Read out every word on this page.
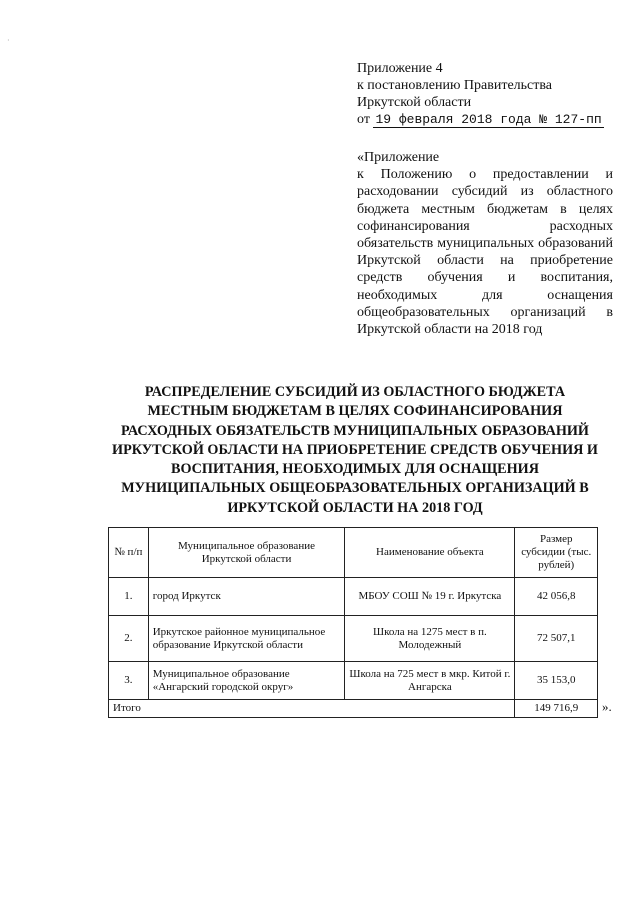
·
Приложение 4
к постановлению Правительства
Иркутской области
от 19 февраля 2018 года № 127-пп

«Приложение

к Положению о предоставлении и расходовании субсидий из областного бюджета местным бюджетам в целях софинансирования расходных обязательств муниципальных образований Иркутской области на приобретение средств обучения и воспитания, необходимых для оснащения общеобразовательных организаций в Иркутской области на 2018 год

РАСПРЕДЕЛЕНИЕ СУБСИДИЙ ИЗ ОБЛАСТНОГО БЮДЖЕТА МЕСТНЫМ БЮДЖЕТАМ В ЦЕЛЯХ СОФИНАНСИРОВАНИЯ РАСХОДНЫХ ОБЯЗАТЕЛЬСТВ МУНИЦИПАЛЬНЫХ ОБРАЗОВАНИЙ ИРКУТСКОЙ ОБЛАСТИ НА ПРИОБРЕТЕНИЕ СРЕДСТВ ОБУЧЕНИЯ И ВОСПИТАНИЯ, НЕОБХОДИМЫХ ДЛЯ ОСНАЩЕНИЯ МУНИЦИПАЛЬНЫХ ОБЩЕОБРАЗОВАТЕЛЬНЫХ ОРГАНИЗАЦИЙ В ИРКУТСКОЙ ОБЛАСТИ НА 2018 ГОД
№ п/п	Муниципальное образование Иркутской области	Наименование объекта	Размер субсидии (тыс. рублей)
1.	город Иркутск	МБОУ СОШ № 19 г. Иркутска	42 056,8
2.	Иркутское районное муниципальное образование Иркутской области	Школа на 1275 мест в п. Молодежный	72 507,1
3.	Муниципальное образование «Ангарский городской округ»	Школа на 725 мест в мкр. Китой г. Ангарска	35 153,0
Итого			149 716,9 ».
